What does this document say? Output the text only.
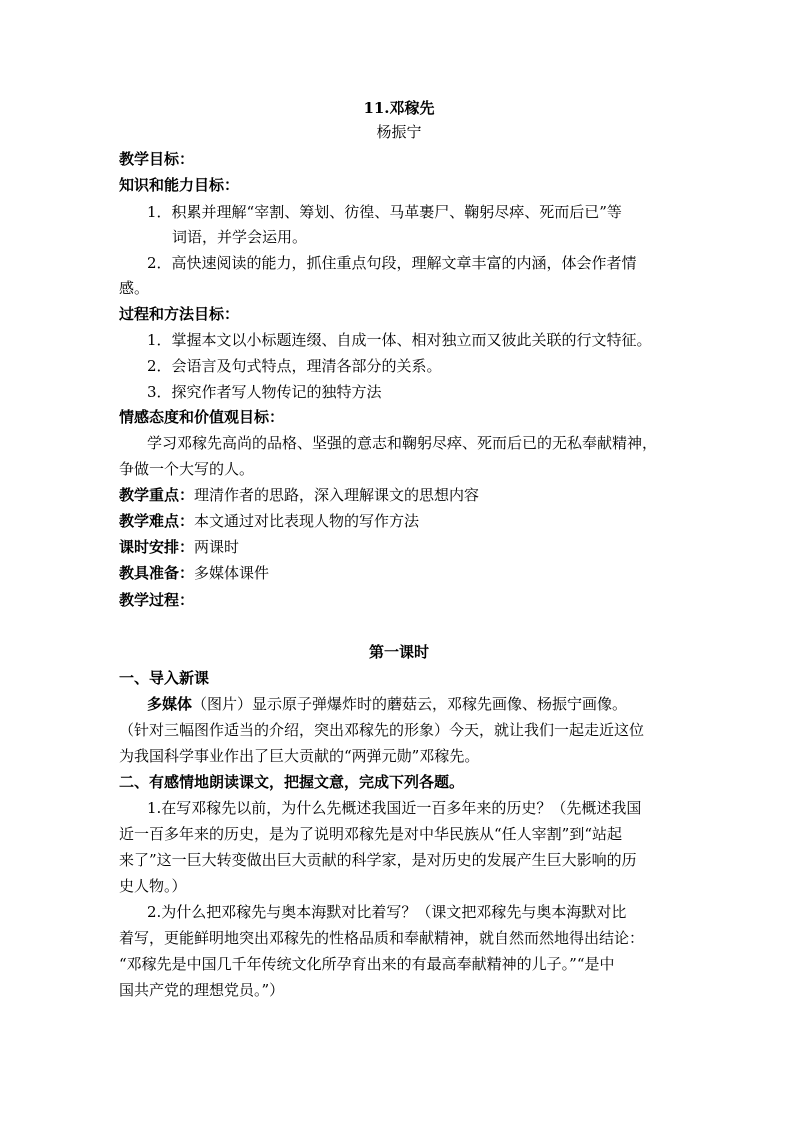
11.邓稼先
杨振宁
教学目标：
知识和能力目标：
1．积累并理解“宰割、筹划、彷徨、马革裹尸、鞠躬尽瘁、死而后已”等
词语，并学会运用。
2．高快速阅读的能力，抓住重点句段，理解文章丰富的内涵，体会作者情
感。
过程和方法目标：
1．掌握本文以小标题连缀、自成一体、相对独立而又彼此关联的行文特征。
2．会语言及句式特点，理清各部分的关系。
3．探究作者写人物传记的独特方法
情感态度和价值观目标：
学习邓稼先高尚的品格、坚强的意志和鞠躬尽瘁、死而后已的无私奉献精神，
争做一个大写的人。
教学重点：理清作者的思路，深入理解课文的思想内容
教学难点：本文通过对比表现人物的写作方法
课时安排：两课时
教具准备：多媒体课件
教学过程：
第一课时
一、导入新课
多媒体（图片）显示原子弹爆炸时的蘑菇云，邓稼先画像、杨振宁画像。
（针对三幅图作适当的介绍，突出邓稼先的形象）今天，就让我们一起走近这位
为我国科学事业作出了巨大贡献的“两弹元勋”邓稼先。
二、有感情地朗读课文，把握文意，完成下列各题。
1.在写邓稼先以前，为什么先概述我国近一百多年来的历史？（先概述我国
近一百多年来的历史，是为了说明邓稼先是对中华民族从“任人宰割”到“站起
来了”这一巨大转变做出巨大贡献的科学家，是对历史的发展产生巨大影响的历
史人物。）
2.为什么把邓稼先与奥本海默对比着写？（课文把邓稼先与奥本海默对比
着写，更能鲜明地突出邓稼先的性格品质和奉献精神，就自然而然地得出结论：
“邓稼先是中国几千年传统文化所孕育出来的有最高奉献精神的儿子。”“是中
国共产党的理想党员。”）
